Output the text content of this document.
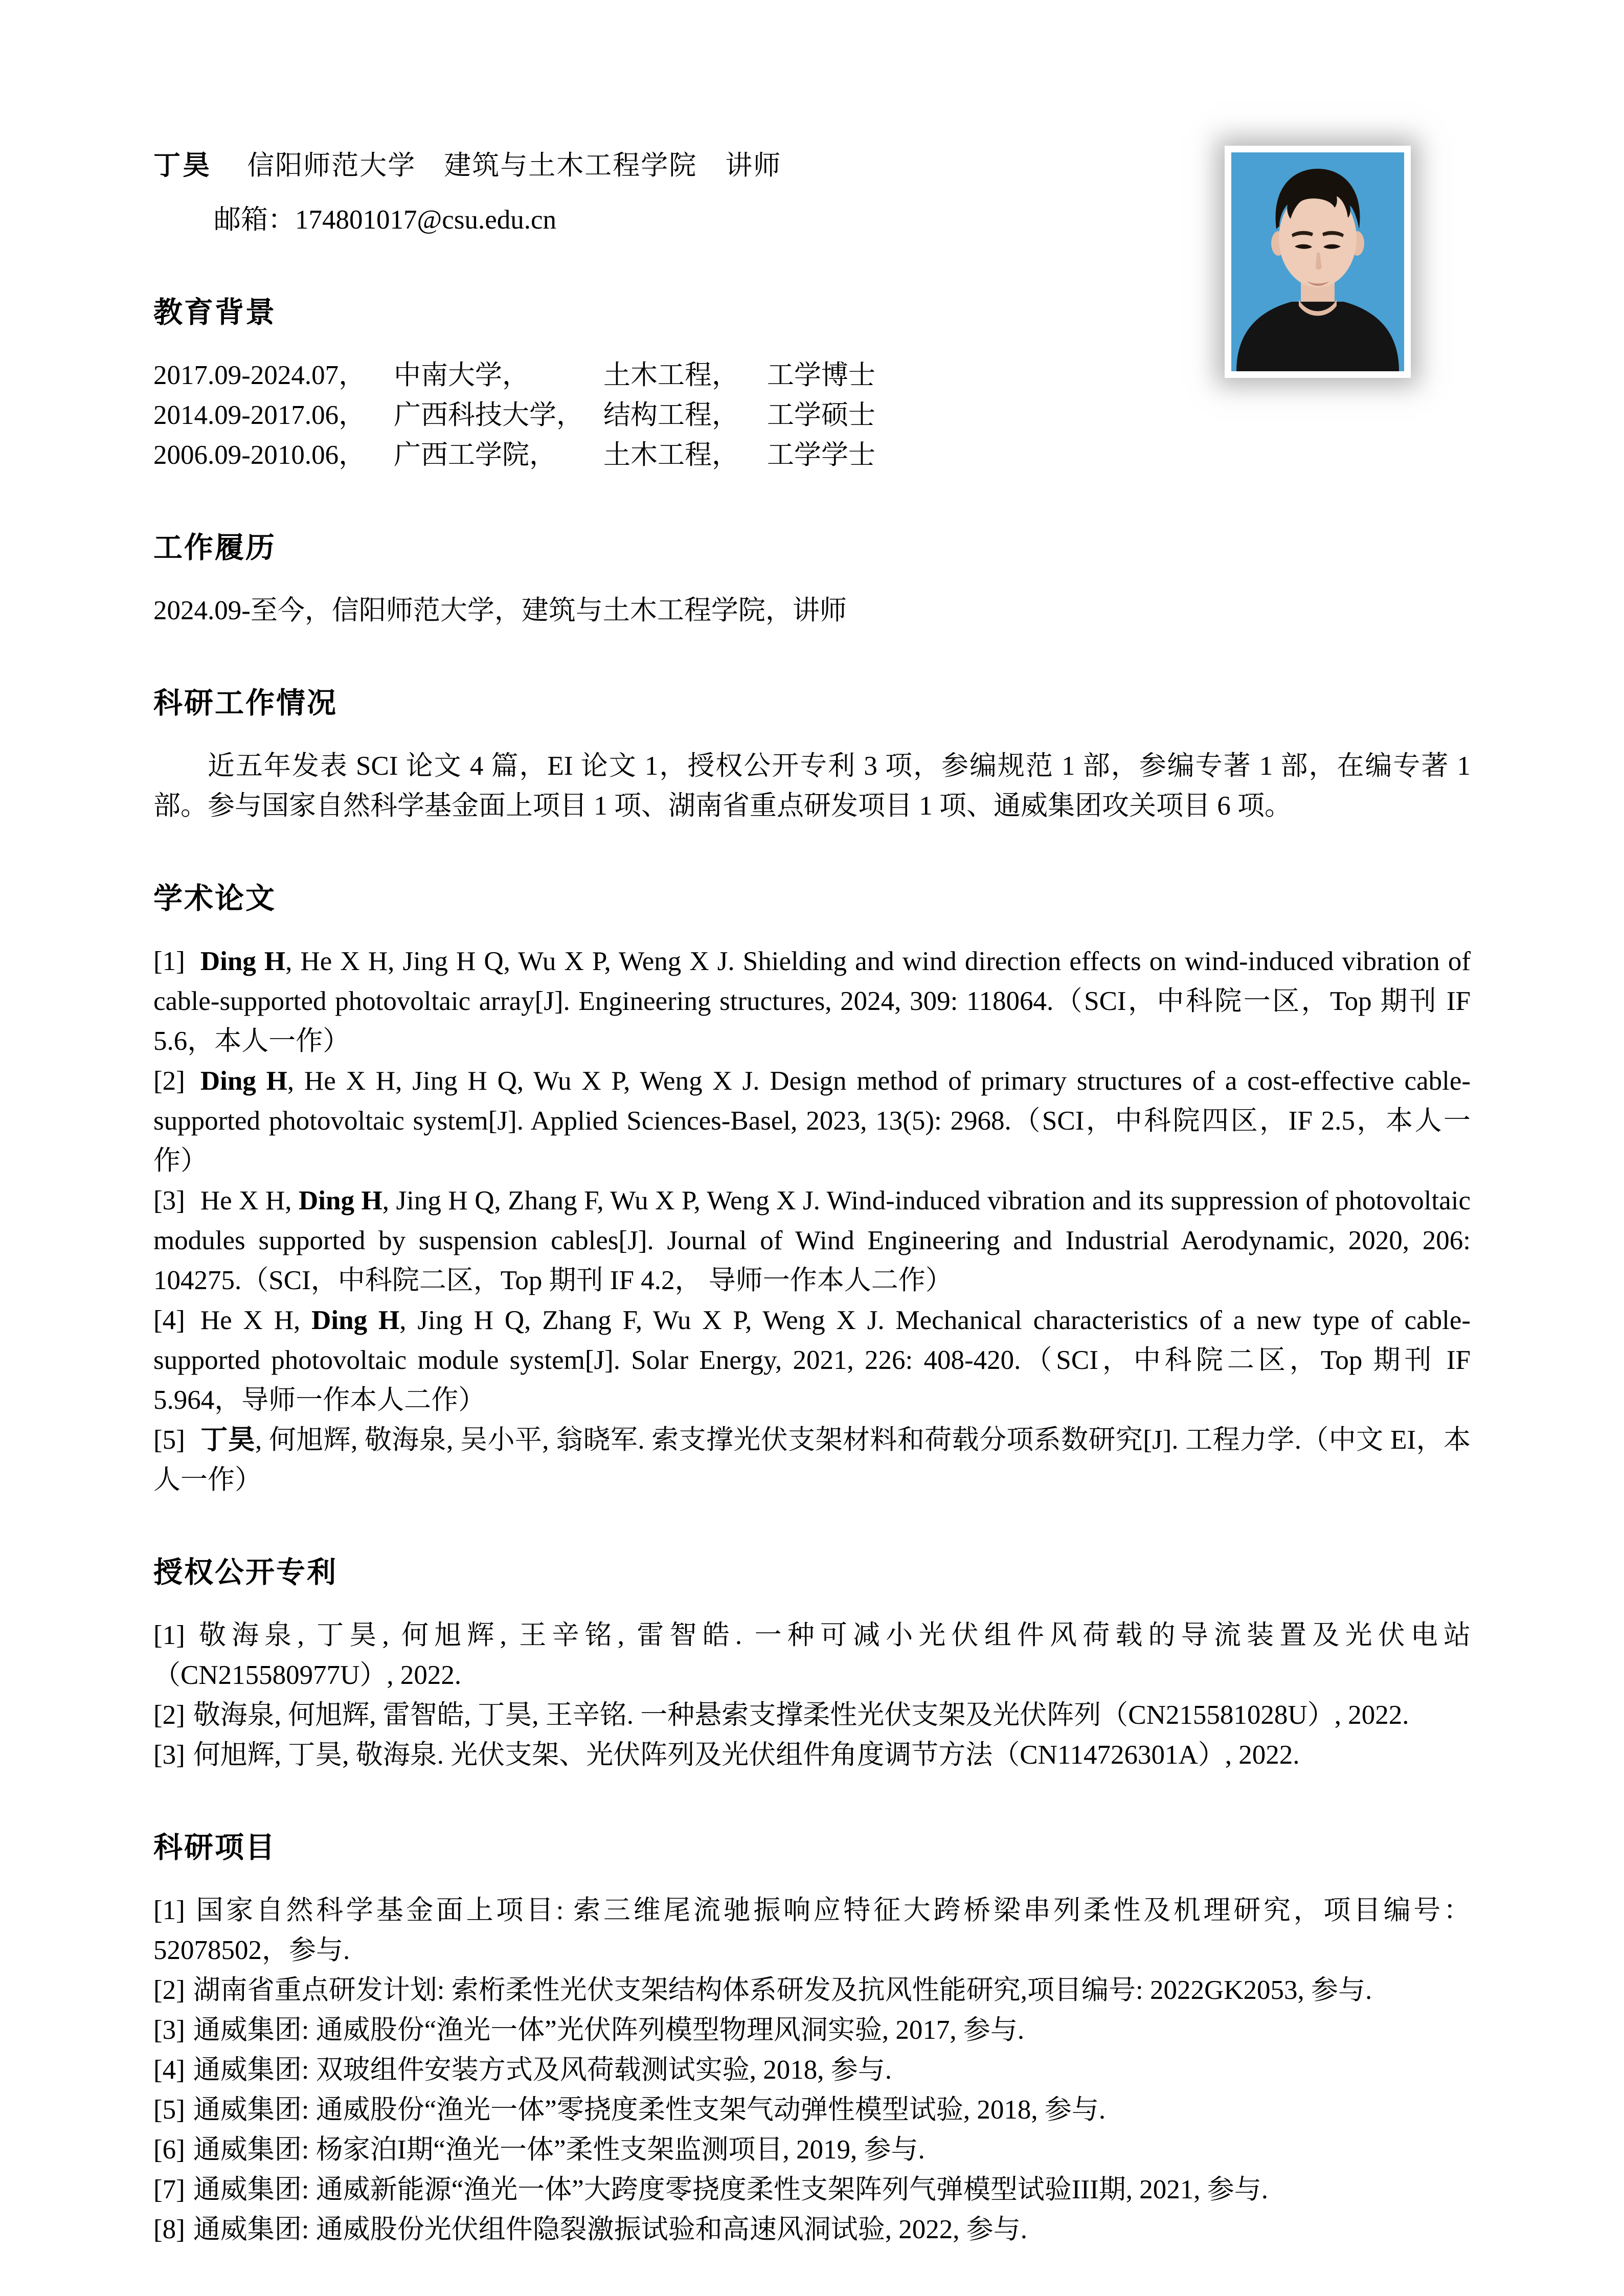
丁昊 信阳师范大学　建筑与土木工程学院　讲师
邮箱：174801017@csu.edu.cn
教育背景
2017.09-2024.07，	中南大学，	土木工程，	工学博士
2014.09-2017.06，	广西科技大学， 结构工程，	工学硕士
2006.09-2010.06，	广西工学院，	土木工程，	工学学士
工作履历

2024.09-至今，信阳师范大学，建筑与土木工程学院，讲师

科研工作情况

近五年发表 SCI 论文 4 篇，EI 论文 1，授权公开专利 3 项，参编规范 1 部，参编专著 1 部，在编专著 1 部。参与国家自然科学基金面上项目 1 项、湖南省重点研发项目 1 项、通威集团攻关项目 6 项。

学术论文

[1] Ding H, He X H, Jing H Q, Wu X P, Weng X J. Shielding and wind direction effects on wind-induced vibration of cable-supported photovoltaic array[J]. Engineering structures, 2024, 309: 118064.（SCI，中科院一区，Top 期刊 IF 5.6，本人一作）

[2] Ding H, He X H, Jing H Q, Wu X P, Weng X J. Design method of primary structures of a cost-effective cable-supported photovoltaic system[J]. Applied Sciences-Basel, 2023, 13(5): 2968.（SCI，中科院四区，IF 2.5，本人一作）

[3] He X H, Ding H, Jing H Q, Zhang F, Wu X P, Weng X J. Wind-induced vibration and its suppression of photovoltaic modules supported by suspension cables[J]. Journal of Wind Engineering and Industrial Aerodynamic, 2020, 206: 104275.（SCI，中科院二区，Top 期刊 IF 4.2， 导师一作本人二作）

[4] He X H, Ding H, Jing H Q, Zhang F, Wu X P, Weng X J. Mechanical characteristics of a new type of cable-supported photovoltaic module system[J]. Solar Energy, 2021, 226: 408-420.（SCI，中科院二区，Top 期刊 IF 5.964，导师一作本人二作）

[5] 丁昊, 何旭辉, 敬海泉, 吴小平, 翁晓军. 索支撑光伏支架材料和荷载分项系数研究[J]. 工程力学.（中文 EI，本人一作）

授权公开专利

[1] 敬海泉, 丁昊, 何旭辉, 王辛铭, 雷智皓. 一种可减小光伏组件风荷载的导流装置及光伏电站（CN215580977U）, 2022.

[2] 敬海泉, 何旭辉, 雷智皓, 丁昊, 王辛铭. 一种悬索支撑柔性光伏支架及光伏阵列（CN215581028U）, 2022.

[3] 何旭辉, 丁昊, 敬海泉. 光伏支架、光伏阵列及光伏组件角度调节方法（CN114726301A）, 2022.

科研项目

[1] 国家自然科学基金面上项目: 索三维尾流驰振响应特征大跨桥梁串列柔性及机理研究，项目编号：52078502，参与.

[2] 湖南省重点研发计划: 索桁柔性光伏支架结构体系研发及抗风性能研究,项目编号: 2022GK2053, 参与.

[3] 通威集团: 通威股份“渔光一体”光伏阵列模型物理风洞实验, 2017, 参与.

[4] 通威集团: 双玻组件安装方式及风荷载测试实验, 2018, 参与.

[5] 通威集团: 通威股份“渔光一体”零挠度柔性支架气动弹性模型试验, 2018, 参与.

[6] 通威集团: 杨家泊I期“渔光一体”柔性支架监测项目, 2019, 参与.

[7] 通威集团: 通威新能源“渔光一体”大跨度零挠度柔性支架阵列气弹模型试验III期, 2021, 参与.

[8] 通威集团: 通威股份光伏组件隐裂激振试验和高速风洞试验, 2022, 参与.
